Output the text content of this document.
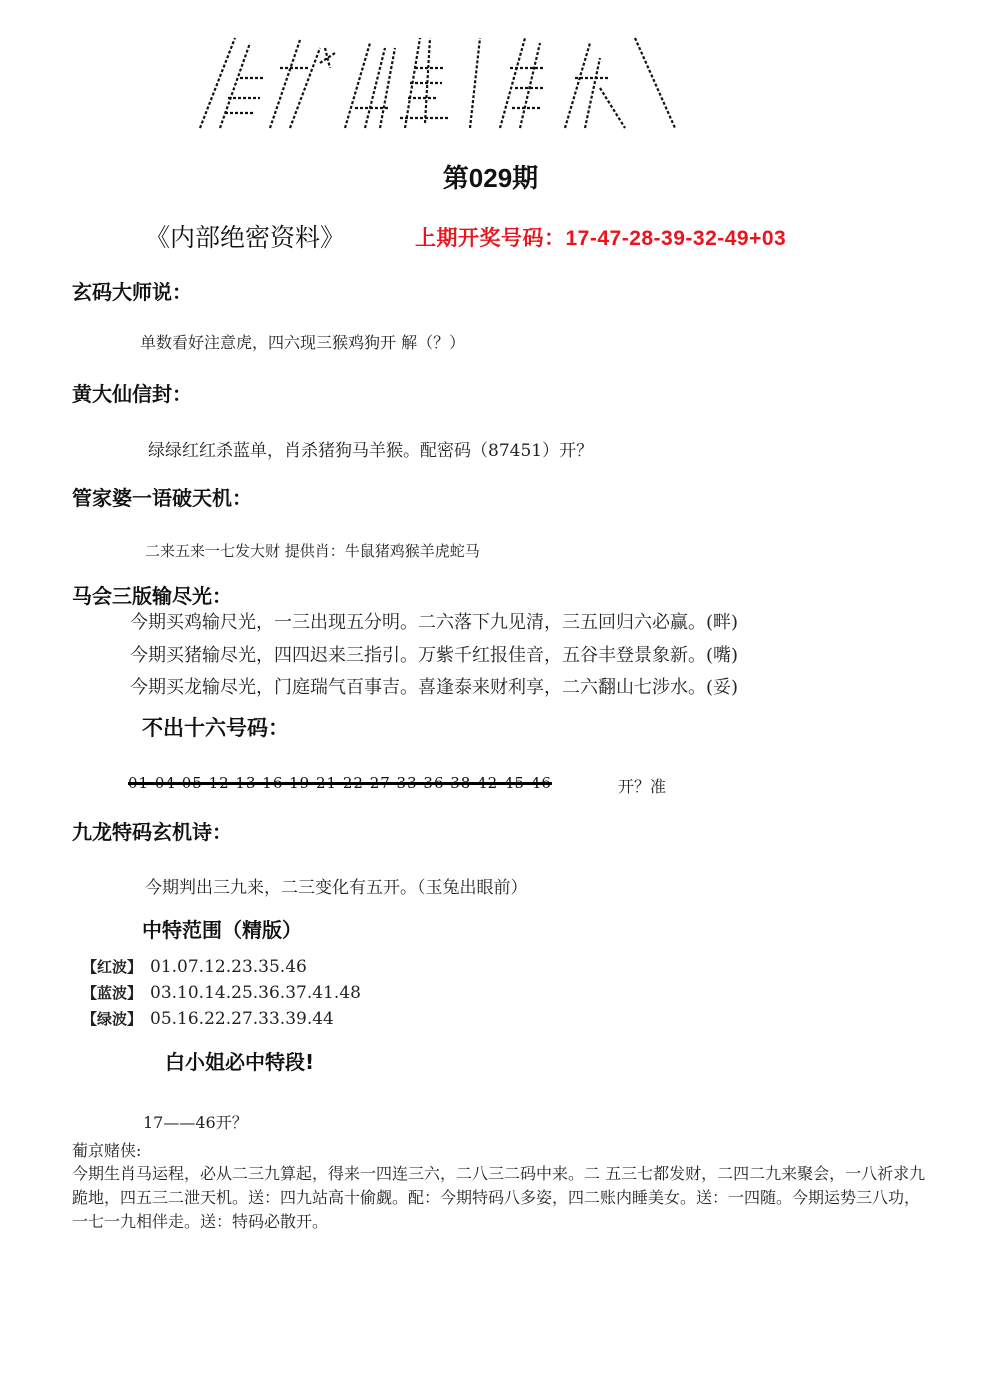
第029期
《内部绝密资料》	上期开奖号码：17-47-28-39-32-49+03
玄码大师说：
单数看好注意虎，四六现三猴鸡狗开 解（？）
黄大仙信封：
绿绿红红杀蓝单，肖杀猪狗马羊猴。配密码（87451）开？
管家婆一语破天机：
二来五来一七发大财 提供肖：牛鼠猪鸡猴羊虎蛇马
马会三版输尽光：
今期买鸡输尺光，一三出现五分明。二六落下九见清，三五回归六必赢。(畔)
今期买猪输尽光，四四迟来三指引。万紫千红报佳音，五谷丰登景象新。(嘴)
今期买龙输尽光，门庭瑞气百事吉。喜逢泰来财利享，二六翻山七涉水。(妥)
不出十六号码：
01 04 05 12 13 16 19 21 22 27 33 36 38 42 45 46	开？准
九龙特码玄机诗：
今期判出三九来，二三变化有五开。（玉兔出眼前）
中特范围（精版）
【红波】 01.07.12.23.35.46
【蓝波】 03.10.14.25.36.37.41.48
【绿波】 05.16.22.27.33.39.44
白小姐必中特段!
17——46开？
葡京赌侠:
今期生肖马运程，必从二三九算起，得来一四连三六，二八三二码中来。二 五三七都发财，二四二九来聚会，一八祈求九跪地，四五三二泄天机。送：四九站高十偷觑。配：今期特码八多姿，四二账内睡美女。送：一四随。今期运势三八功，一七一九相伴走。送：特码必散开。
